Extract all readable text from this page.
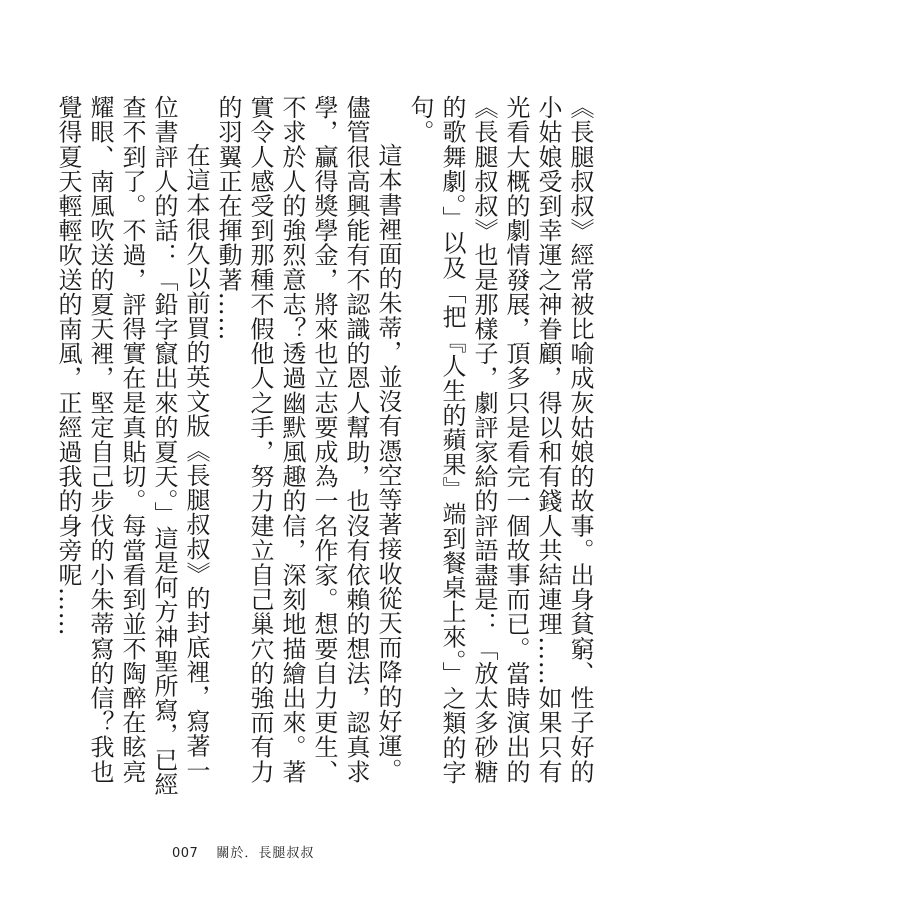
《長腿叔叔》經常被比喻成灰姑娘的故事。出身貧窮、性子好的小姑娘受到幸運之神眷顧，得以和有錢人共結連理……如果只有光看大概的劇情發展，頂多只是看完一個故事而已。當時演出的《長腿叔叔》也是那樣子，劇評家給的評語盡是：「放太多砂糖的歌舞劇。」以及「把『人生的蘋果』端到餐桌上來。」之類的字句。

這本書裡面的朱蒂，並沒有憑空等著接收從天而降的好運。儘管很高興能有不認識的恩人幫助，也沒有依賴的想法，認真求學，贏得獎學金，將來也立志要成為一名作家。想要自力更生、不求於人的強烈意志？透過幽默風趣的信，深刻地描繪出來。著實令人感受到那種不假他人之手，努力建立自己巢穴的強而有力的羽翼正在揮動著……

在這本很久以前買的英文版《長腿叔叔》的封底裡，寫著一位書評人的話：「鉛字竄出來的夏天。」這是何方神聖所寫，已經查不到了。不過，評得實在是真貼切。每當看到並不陶醉在眩亮耀眼、南風吹送的夏天裡，堅定自己步伐的小朱蒂寫的信？我也覺得夏天輕輕吹送的南風，正經過我的身旁呢……

007 關於．長腿叔叔
